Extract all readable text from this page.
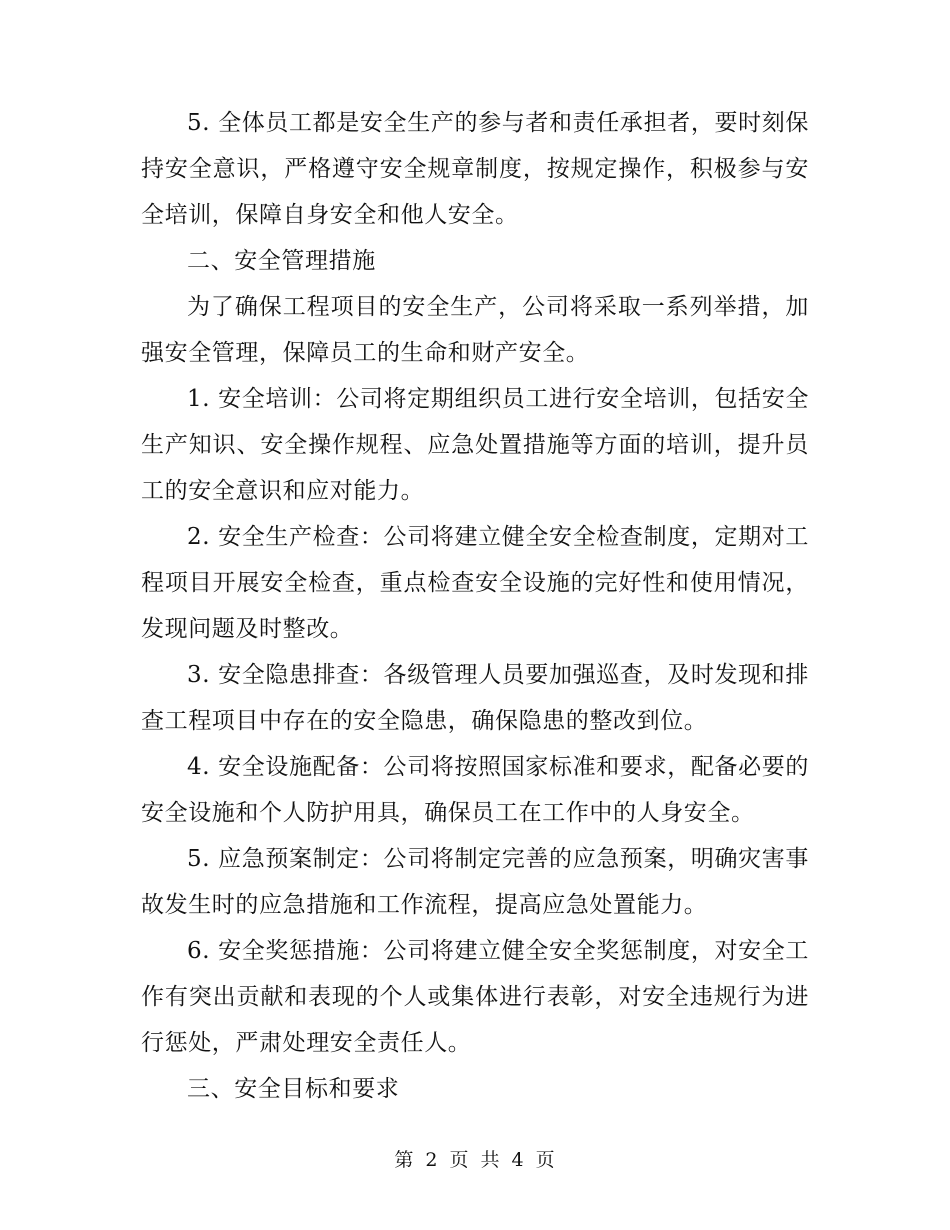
5. 全体员工都是安全生产的参与者和责任承担者，要时刻保持安全意识，严格遵守安全规章制度，按规定操作，积极参与安全培训，保障自身安全和他人安全。

二、安全管理措施

为了确保工程项目的安全生产，公司将采取一系列举措，加强安全管理，保障员工的生命和财产安全。

1. 安全培训：公司将定期组织员工进行安全培训，包括安全生产知识、安全操作规程、应急处置措施等方面的培训，提升员工的安全意识和应对能力。

2. 安全生产检查：公司将建立健全安全检查制度，定期对工程项目开展安全检查，重点检查安全设施的完好性和使用情况，发现问题及时整改。

3. 安全隐患排查：各级管理人员要加强巡查，及时发现和排查工程项目中存在的安全隐患，确保隐患的整改到位。

4. 安全设施配备：公司将按照国家标准和要求，配备必要的安全设施和个人防护用具，确保员工在工作中的人身安全。

5. 应急预案制定：公司将制定完善的应急预案，明确灾害事故发生时的应急措施和工作流程，提高应急处置能力。

6. 安全奖惩措施：公司将建立健全安全奖惩制度，对安全工作有突出贡献和表现的个人或集体进行表彰，对安全违规行为进行惩处，严肃处理安全责任人。

三、安全目标和要求

第 2 页 共 4 页
